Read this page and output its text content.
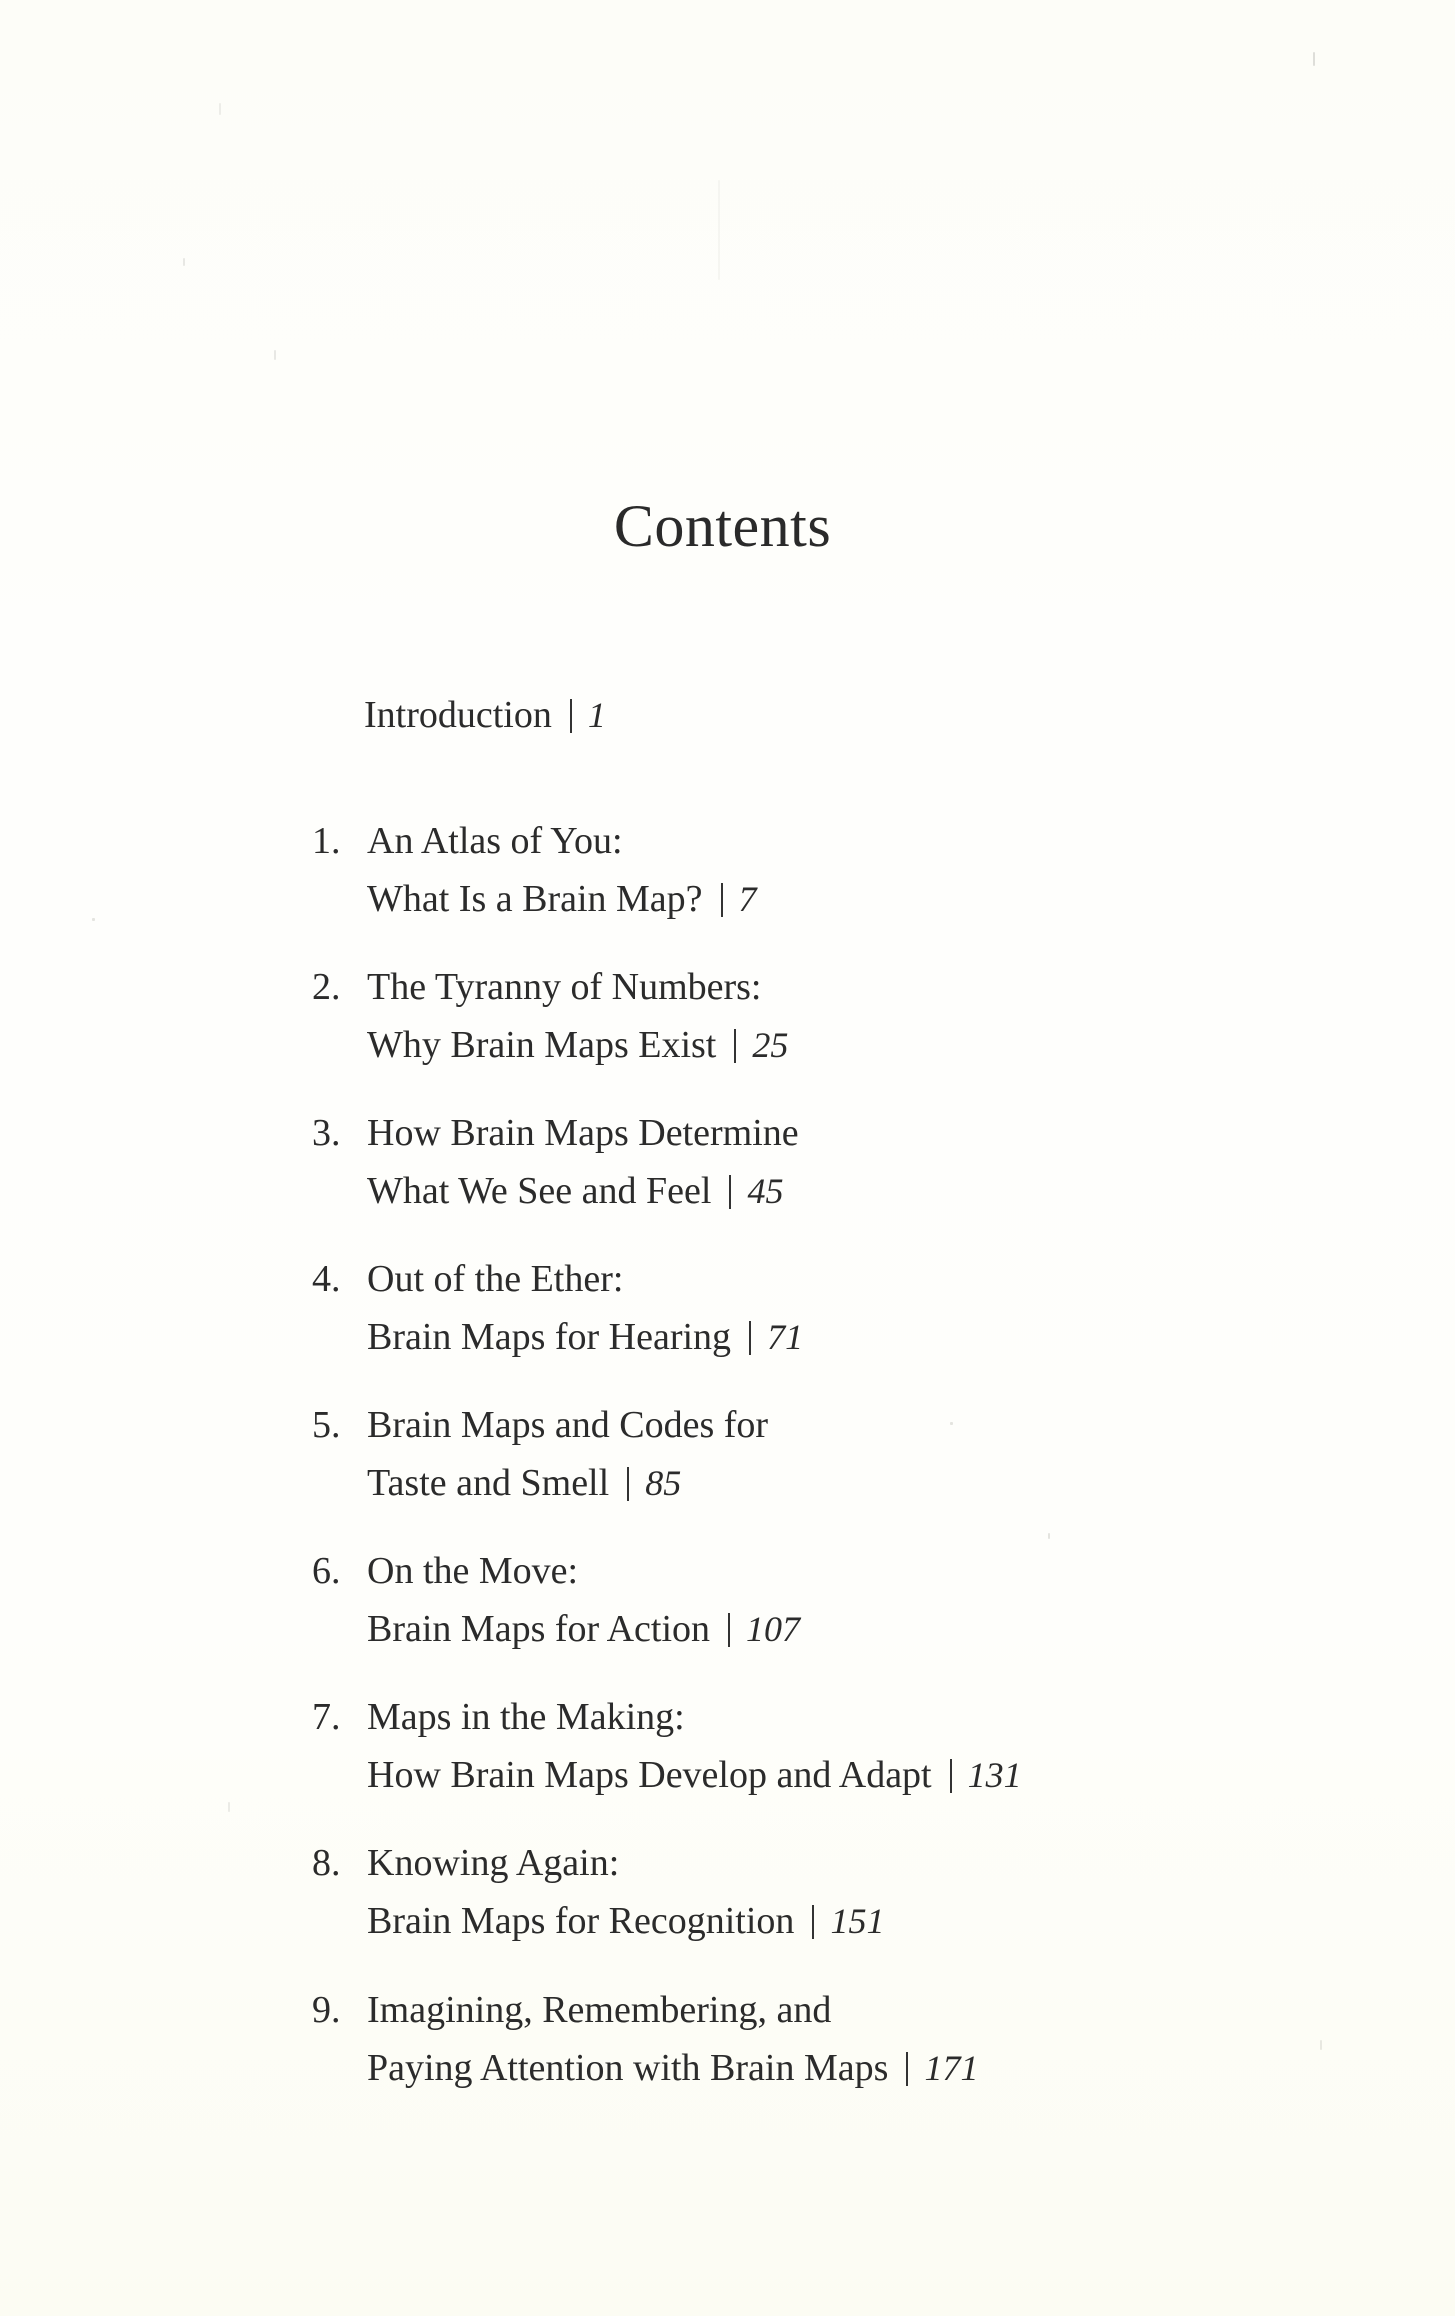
Contents
Introduction 1
1. An Atlas of You:
What Is a Brain Map? 7
2. The Tyranny of Numbers:
Why Brain Maps Exist 25
3. How Brain Maps Determine
What We See and Feel 45
4. Out of the Ether:
Brain Maps for Hearing 71
5. Brain Maps and Codes for
Taste and Smell 85
6. On the Move:
Brain Maps for Action 107
7. Maps in the Making:
How Brain Maps Develop and Adapt 131
8. Knowing Again:
Brain Maps for Recognition 151
9. Imagining, Remembering, and
Paying Attention with Brain Maps 171
